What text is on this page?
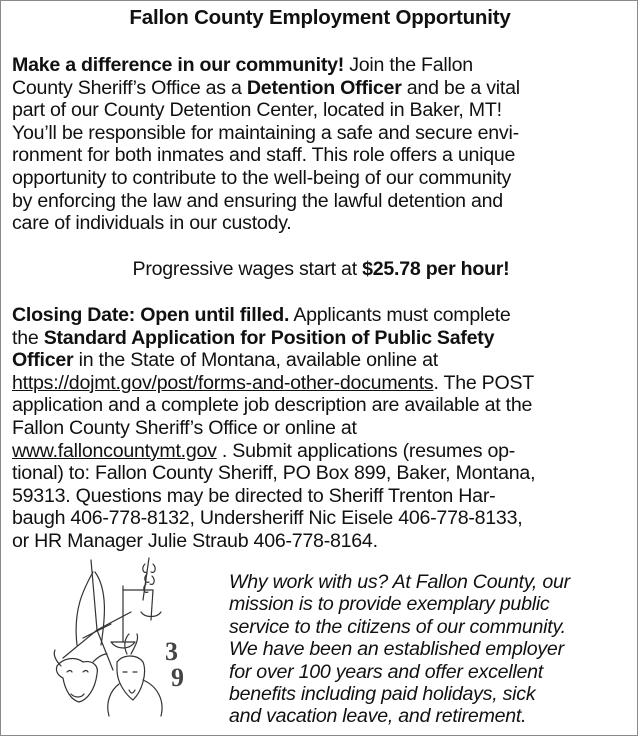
Fallon County Employment Opportunity
Make a difference in our community! Join the Fallon
County Sheriff’s Office as a Detention Officer and be a vital
part of our County Detention Center, located in Baker, MT!
You’ll be responsible for maintaining a safe and secure envi-
ronment for both inmates and staff. This role offers a unique
opportunity to contribute to the well-being of our community
by enforcing the law and ensuring the lawful detention and
care of individuals in our custody.
Progressive wages start at $25.78 per hour!
Closing Date: Open until filled. Applicants must complete
the Standard Application for Position of Public Safety
Officer in the State of Montana, available online at
https://dojmt.gov/post/forms-and-other-documents. The POST
application and a complete job description are available at the
Fallon County Sheriff’s Office or online at
www.falloncountymt.gov . Submit applications (resumes op-
tional) to: Fallon County Sheriff, PO Box 899, Baker, Montana,
59313. Questions may be directed to Sheriff Trenton Har-
baugh 406-778-8132, Undersheriff Nic Eisele 406-778-8133,
or HR Manager Julie Straub 406-778-8164.
3
9
Why work with us? At Fallon County, our
mission is to provide exemplary public
service to the citizens of our community.
We have been an established employer
for over 100 years and offer excellent
benefits including paid holidays, sick
and vacation leave, and retirement.
